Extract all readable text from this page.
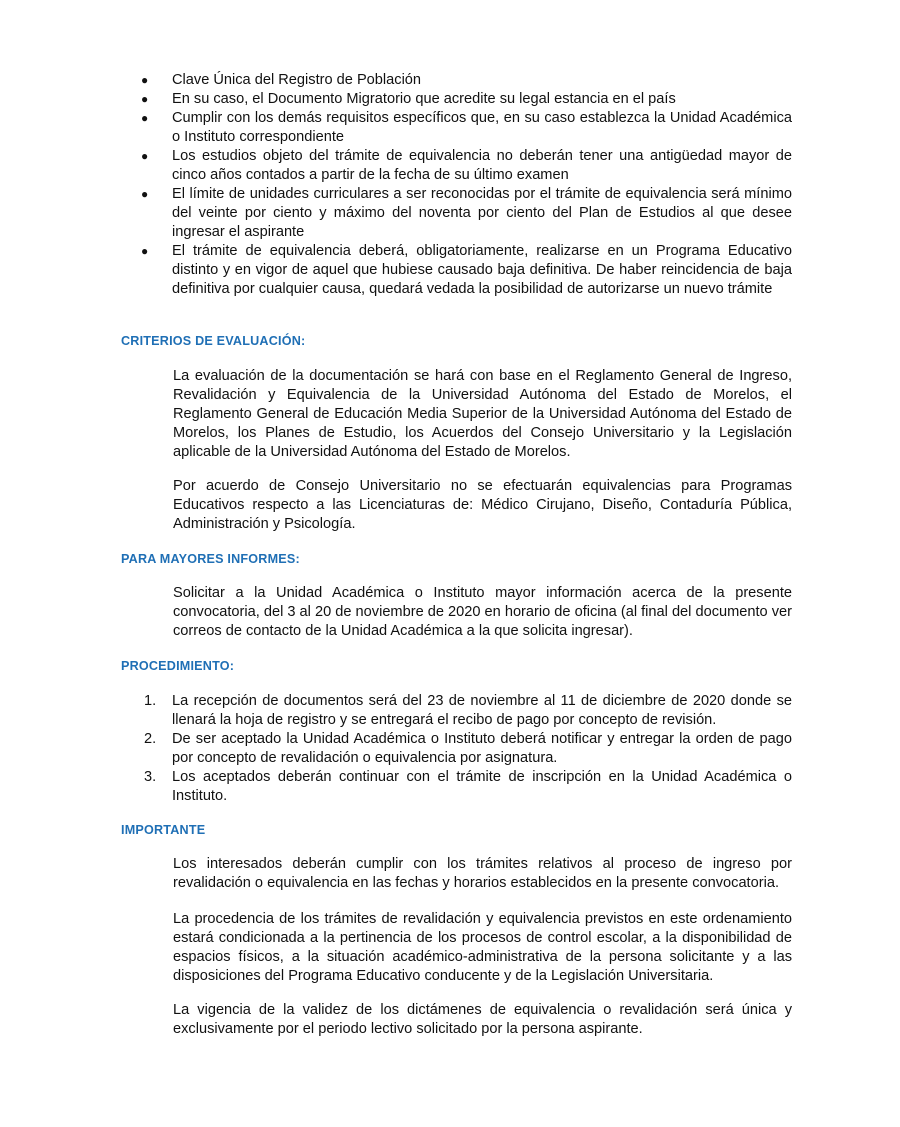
● Clave Única del Registro de Población
● En su caso, el Documento Migratorio que acredite su legal estancia en el país
● Cumplir con los demás requisitos específicos que, en su caso establezca la Unidad Académica o Instituto correspondiente
● Los estudios objeto del trámite de equivalencia no deberán tener una antigüedad mayor de cinco años contados a partir de la fecha de su último examen
● El límite de unidades curriculares a ser reconocidas por el trámite de equivalencia será mínimo del veinte por ciento y máximo del noventa por ciento del Plan de Estudios al que desee ingresar el aspirante
● El trámite de equivalencia deberá, obligatoriamente, realizarse en un Programa Educativo distinto y en vigor de aquel que hubiese causado baja definitiva. De haber reincidencia de baja definitiva por cualquier causa, quedará vedada la posibilidad de autorizarse un nuevo trámite
CRITERIOS DE EVALUACIÓN:

La evaluación de la documentación se hará con base en el Reglamento General de Ingreso, Revalidación y Equivalencia de la Universidad Autónoma del Estado de Morelos, el Reglamento General de Educación Media Superior de la Universidad Autónoma del Estado de Morelos, los Planes de Estudio, los Acuerdos del Consejo Universitario y la Legislación aplicable de la Universidad Autónoma del Estado de Morelos.

Por acuerdo de Consejo Universitario no se efectuarán equivalencias para Programas Educativos respecto a las Licenciaturas de: Médico Cirujano, Diseño, Contaduría Pública, Administración y Psicología.

PARA MAYORES INFORMES:

Solicitar a la Unidad Académica o Instituto mayor información acerca de la presente convocatoria, del 3 al 20 de noviembre de 2020 en horario de oficina (al final del documento ver correos de contacto de la Unidad Académica a la que solicita ingresar).

PROCEDIMIENTO:
1. La recepción de documentos será del 23 de noviembre al 11 de diciembre de 2020 donde se llenará la hoja de registro y se entregará el recibo de pago por concepto de revisión.
2. De ser aceptado la Unidad Académica o Instituto deberá notificar y entregar la orden de pago por concepto de revalidación o equivalencia por asignatura.
3. Los aceptados deberán continuar con el trámite de inscripción en la Unidad Académica o Instituto.
IMPORTANTE

Los interesados deberán cumplir con los trámites relativos al proceso de ingreso por revalidación o equivalencia en las fechas y horarios establecidos en la presente convocatoria.

La procedencia de los trámites de revalidación y equivalencia previstos en este ordenamiento estará condicionada a la pertinencia de los procesos de control escolar, a la disponibilidad de espacios físicos, a la situación académico-administrativa de la persona solicitante y a las disposiciones del Programa Educativo conducente y de la Legislación Universitaria.

La vigencia de la validez de los dictámenes de equivalencia o revalidación será única y exclusivamente por el periodo lectivo solicitado por la persona aspirante.
